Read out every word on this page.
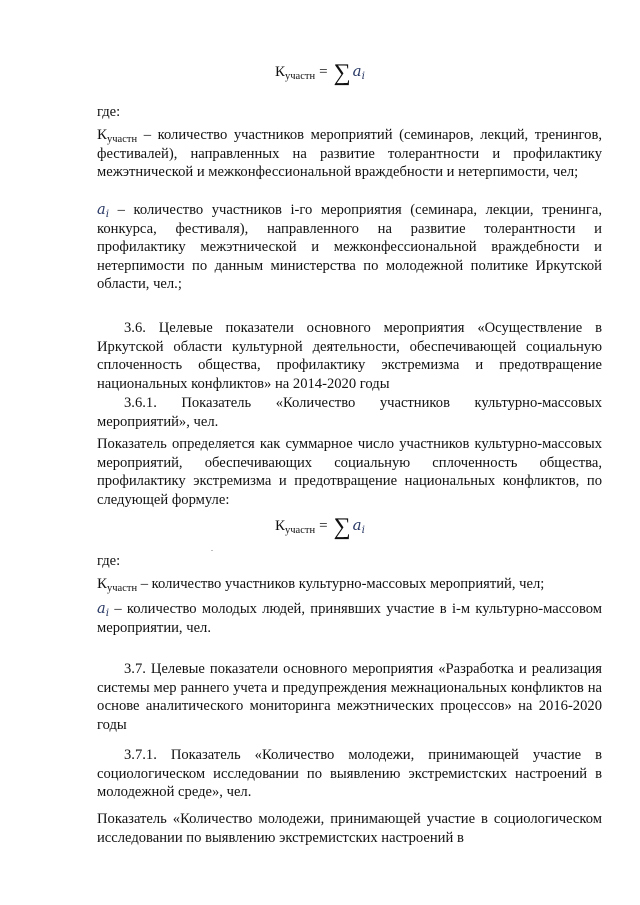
$К_{участн}$ = ∑ $a_i$

где:

$К_{участн}$ – количество участников мероприятий (семинаров, лекций, тренингов, фестивалей), направленных на развитие толерантности и профилактику межэтнической и межконфессиональной враждебности и нетерпимости, чел;

$a_i$ – количество участников i-го мероприятия (семинара, лекции, тренинга, конкурса, фестиваля), направленного на развитие толерантности и профилактику межэтнической и межконфессиональной враждебности и нетерпимости по данным министерства по молодежной политике Иркутской области, чел.;

3.6. Целевые показатели основного мероприятия «Осуществление в Иркутской области культурной деятельности, обеспечивающей социальную сплоченность общества, профилактику экстремизма и предотвращение национальных конфликтов» на 2014-2020 годы

3.6.1. Показатель «Количество участников культурно-массовых мероприятий», чел.

Показатель определяется как суммарное число участников культурно-массовых мероприятий, обеспечивающих социальную сплоченность общества, профилактику экстремизма и предотвращение национальных конфликтов, по следующей формуле:

$К_{участн}$ = ∑ $a_i$

где:

$К_{участн}$ – количество участников культурно-массовых мероприятий, чел;

$a_i$ – количество молодых людей, принявших участие в i-м культурно-массовом мероприятии, чел.

3.7. Целевые показатели основного мероприятия «Разработка и реализация системы мер раннего учета и предупреждения межнациональных конфликтов на основе аналитического мониторинга межэтнических процессов» на 2016-2020 годы

3.7.1. Показатель «Количество молодежи, принимающей участие в социологическом исследовании по выявлению экстремистских настроений в молодежной среде», чел.

Показатель «Количество молодежи, принимающей участие в социологическом исследовании по выявлению экстремистских настроений в
